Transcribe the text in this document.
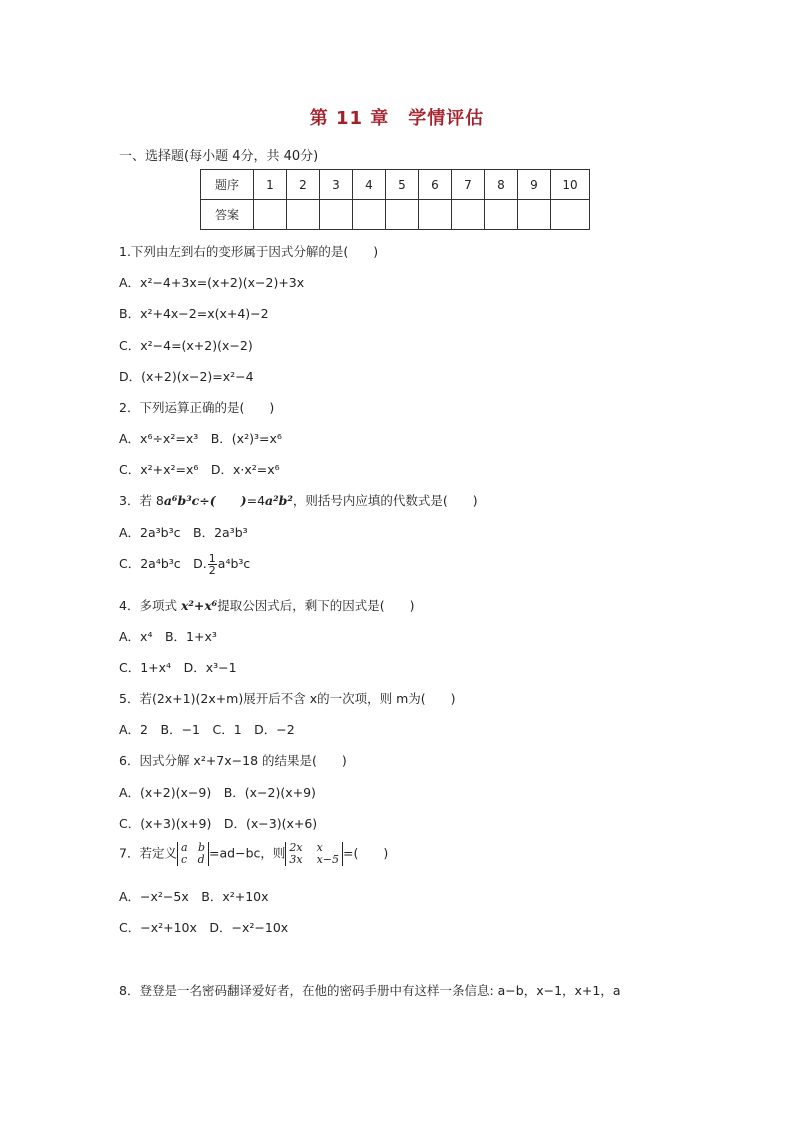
第 11 章　学情评估
一、选择题(每小题 4分，共 40分)
题序	1	2	3	4	5	6	7	8	9	10
答案										
1.下列由左到右的变形属于因式分解的是(　　)
A．x²−4+3x=(x+2)(x−2)+3x
B．x²+4x−2=x(x+4)−2
C．x²−4=(x+2)(x−2)
D．(x+2)(x−2)=x²−4
2．下列运算正确的是(　　)
A．x⁶÷x²=x³　B．(x²)³=x⁶
C．x²+x²=x⁶　D．x·x²=x⁶
3．若 8a⁶b³c÷(　　)=4a²b²，则括号内应填的代数式是(　　)
A．2a³b³c　B．2a³b³
C．2a⁴b³c　D. $\frac{1}{2} a^4b^3c$
4．多项式 x²+x⁶提取公因式后，剩下的因式是(　　)
A．x⁴　B．1+x³
C．1+x⁴　D．x³−1
5．若(2x+1)(2x+m)展开后不含 x的一次项，则 m为(　　)
A．2　B．−1　C．1　D．−2
6．因式分解 x²+7x−18 的结果是(　　)
A．(x+2)(x−9)　B．(x−2)(x+9)
C．(x+3)(x+9)　D．(x−3)(x+6)
7．若定义 a   b
c   d =ad−bc，则 2x    x
3x    x−5 =(　　)
A．−x²−5x　B．x²+10x
C．−x²+10x　D．−x²−10x
8．登登是一名密码翻译爱好者，在他的密码手册中有这样一条信息: a−b，x−1，x+1，a
